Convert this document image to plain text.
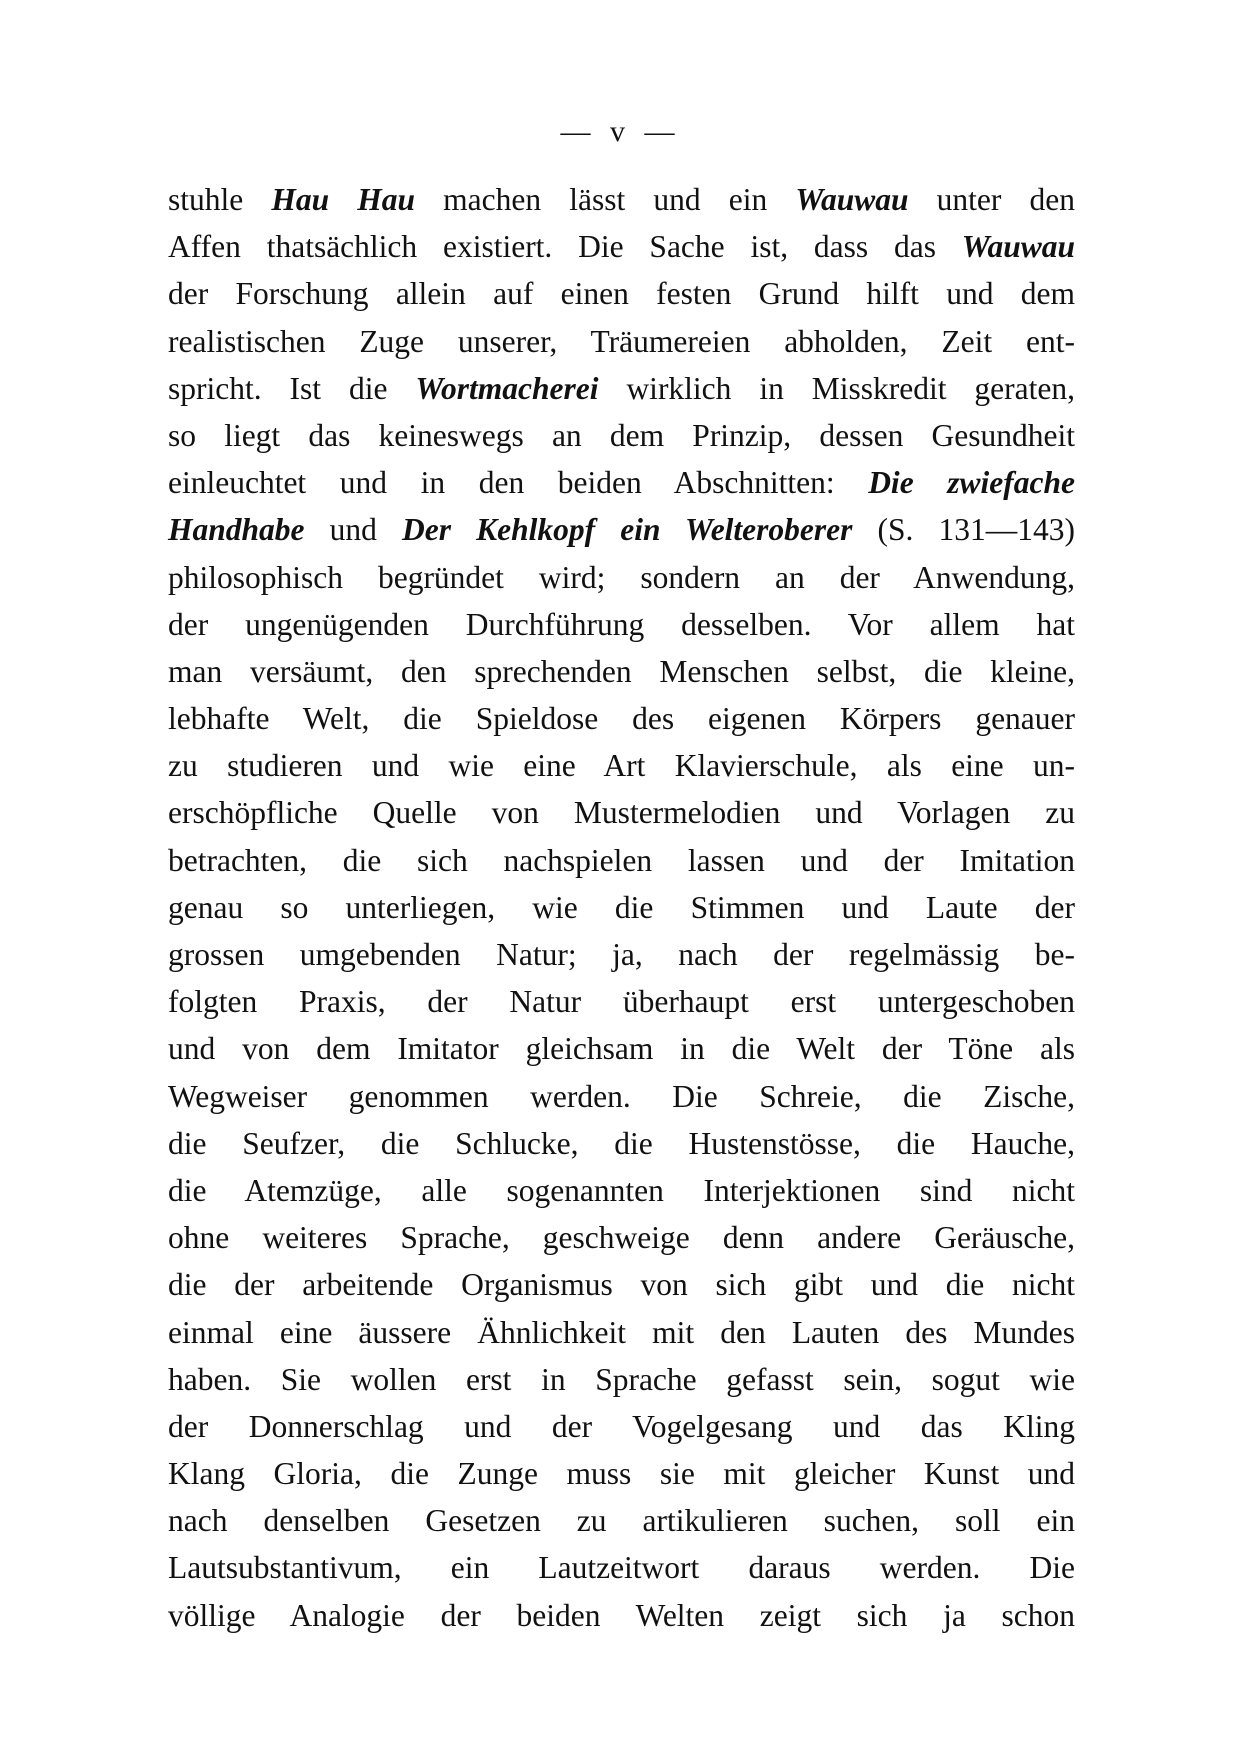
— v —
stuhle Hau Hau machen lässt und ein Wauwau unter den
Affen thatsächlich existiert. Die Sache ist, dass das Wauwau
der Forschung allein auf einen festen Grund hilft und dem
realistischen Zuge unserer, Träumereien abholden, Zeit ent-
spricht. Ist die Wortmacherei wirklich in Misskredit geraten,
so liegt das keineswegs an dem Prinzip, dessen Gesundheit
einleuchtet und in den beiden Abschnitten: Die zwiefache
Handhabe und Der Kehlkopf ein Welteroberer (S. 131—143)
philosophisch begründet wird; sondern an der Anwendung,
der ungenügenden Durchführung desselben. Vor allem hat
man versäumt, den sprechenden Menschen selbst, die kleine,
lebhafte Welt, die Spieldose des eigenen Körpers genauer
zu studieren und wie eine Art Klavierschule, als eine un-
erschöpfliche Quelle von Mustermelodien und Vorlagen zu
betrachten, die sich nachspielen lassen und der Imitation
genau so unterliegen, wie die Stimmen und Laute der
grossen umgebenden Natur; ja, nach der regelmässig be-
folgten Praxis, der Natur überhaupt erst untergeschoben
und von dem Imitator gleichsam in die Welt der Töne als
Wegweiser genommen werden. Die Schreie, die Zische,
die Seufzer, die Schlucke, die Hustenstösse, die Hauche,
die Atemzüge, alle sogenannten Interjektionen sind nicht
ohne weiteres Sprache, geschweige denn andere Geräusche,
die der arbeitende Organismus von sich gibt und die nicht
einmal eine äussere Ähnlichkeit mit den Lauten des Mundes
haben. Sie wollen erst in Sprache gefasst sein, sogut wie
der Donnerschlag und der Vogelgesang und das Kling
Klang Gloria, die Zunge muss sie mit gleicher Kunst und
nach denselben Gesetzen zu artikulieren suchen, soll ein
Lautsubstantivum, ein Lautzeitwort daraus werden. Die
völlige Analogie der beiden Welten zeigt sich ja schon
